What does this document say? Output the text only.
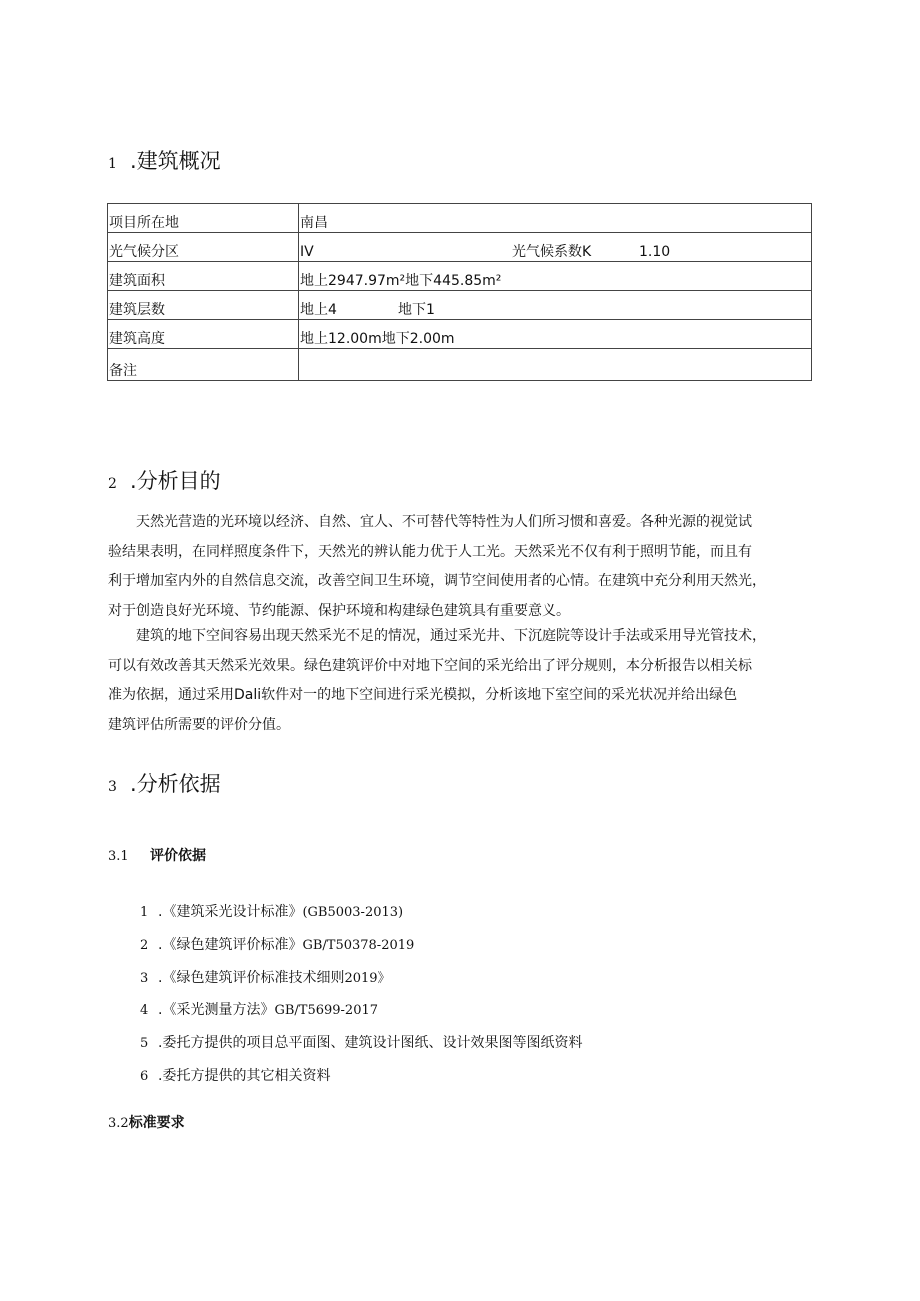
1 .建筑概况
项目所在地	南昌
光气候分区	IV 光气候系数K 1.10
建筑面积	地上2947.97m²地下445.85m²
建筑层数	地上4 地下1
建筑高度	地上12.00m地下2.00m
备注	
2 .分析目的
　　天然光营造的光环境以经济、自然、宜人、不可替代等特性为人们所习惯和喜爱。各种光源的视觉试
验结果表明，在同样照度条件下，天然光的辨认能力优于人工光。天然采光不仅有利于照明节能，而且有
利于增加室内外的自然信息交流，改善空间卫生环境，调节空间使用者的心情。在建筑中充分利用天然光，
对于创造良好光环境、节约能源、保护环境和构建绿色建筑具有重要意义。
　　建筑的地下空间容易出现天然采光不足的情况，通过采光井、下沉庭院等设计手法或采用导光管技术，
可以有效改善其天然采光效果。绿色建筑评价中对地下空间的采光给出了评分规则，本分析报告以相关标
准为依据，通过采用Dali软件对一的地下空间进行采光模拟，分析该地下室空间的采光状况并给出绿色
建筑评估所需要的评价分值。
3 .分析依据
3.1 评价依据
1 .《建筑采光设计标准》(GB5003-2013)
2 .《绿色建筑评价标准》GB/T50378-2019
3 .《绿色建筑评价标准技术细则2019》
4 .《采光测量方法》GB/T5699-2017
5 .委托方提供的项目总平面图、建筑设计图纸、设计效果图等图纸资料
6 .委托方提供的其它相关资料
3.2标准要求
